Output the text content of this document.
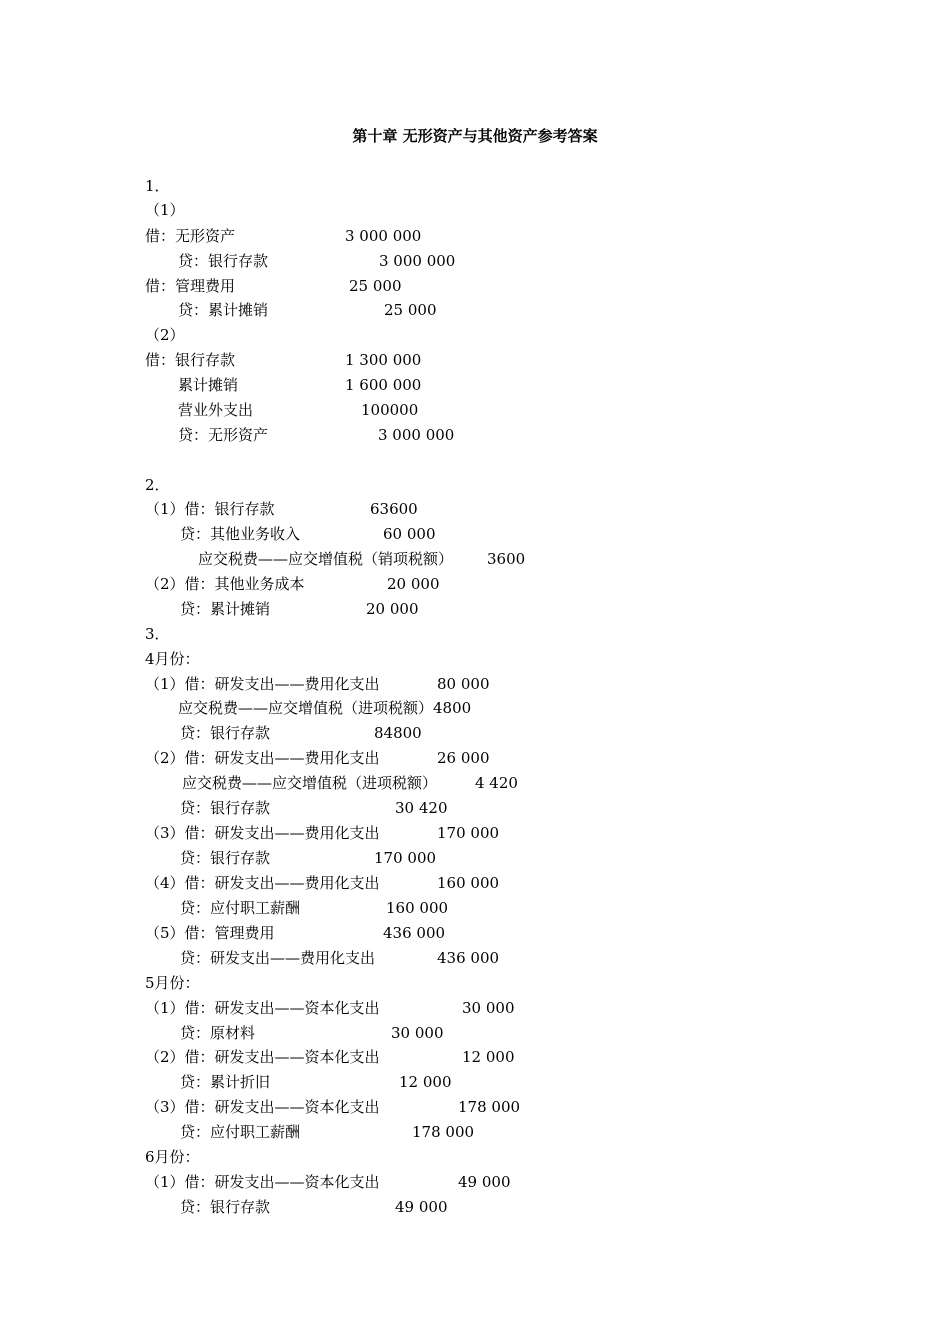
第十章 无形资产与其他资产参考答案
1．
（1）
借：无形资产	3 000 000
贷：银行存款	3 000 000
借：管理费用	25 000
贷：累计摊销	25 000
（2）
借：银行存款	1 300 000
累计摊销	1 600 000
营业外支出	100000
贷：无形资产	3 000 000
2．
（1）借：银行存款	63600
贷：其他业务收入	60 000
应交税费——应交增值税（销项税额） 3600
（2）借：其他业务成本	20 000
贷：累计摊销	20 000
3．
4月份：
（1）借：研发支出——费用化支出	80 000
应交税费——应交增值税（进项税额）4800
贷：银行存款	84800
（2）借：研发支出——费用化支出	26 000
应交税费——应交增值税（进项税额）	4 420
贷：银行存款	30 420
（3）借：研发支出——费用化支出	170 000
贷：银行存款	170 000
（4）借：研发支出——费用化支出	160 000
贷：应付职工薪酬	160 000
（5）借：管理费用	436 000
贷：研发支出——费用化支出	436 000
5月份：
（1）借：研发支出——资本化支出	30 000
贷：原材料	30 000
（2）借：研发支出——资本化支出	12 000
贷：累计折旧	12 000
（3）借：研发支出——资本化支出	178 000
贷：应付职工薪酬	178 000
6月份：
（1）借：研发支出——资本化支出	49 000
贷：银行存款	49 000
